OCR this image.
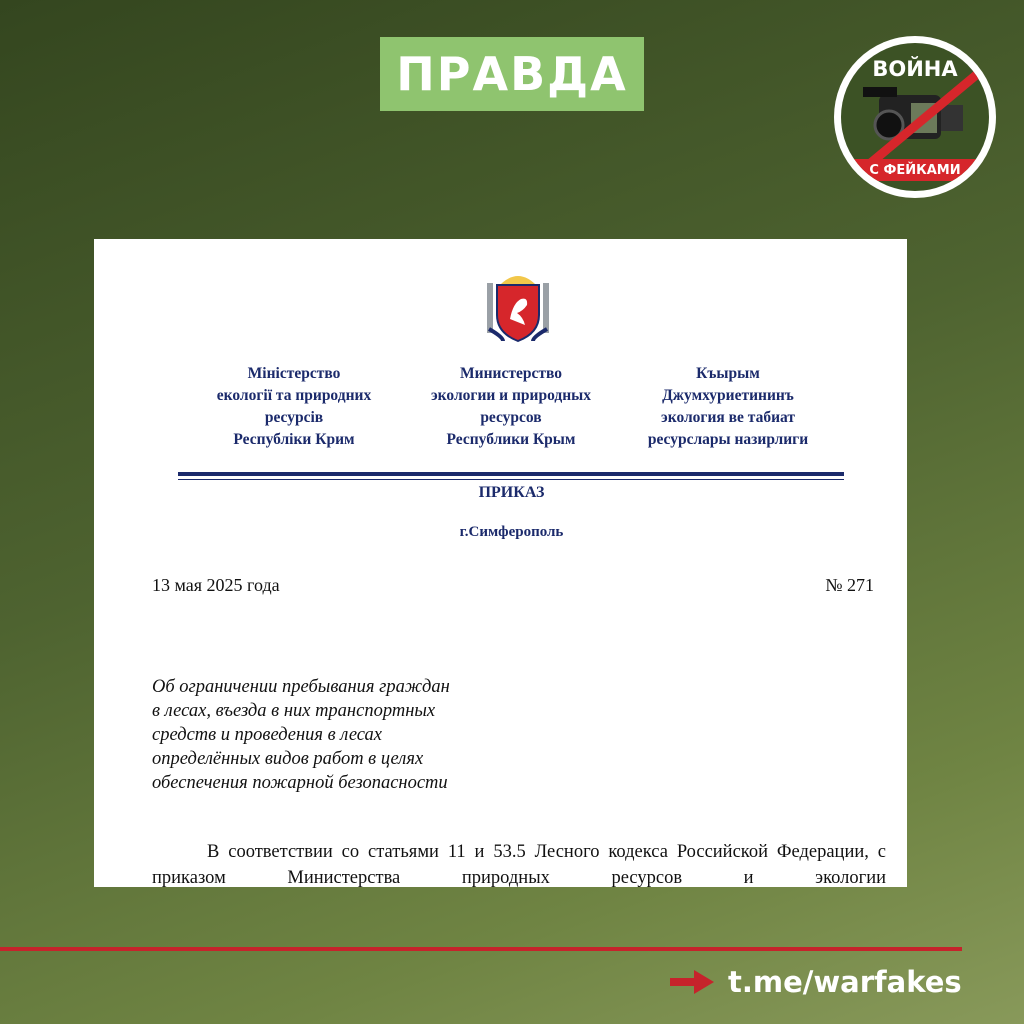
ПРАВДА	ВОЙНА
С ФЕЙКАМИ
Міністерство
екології та природних
ресурсів
Республіки Крим
Министерство
экологии и природных
ресурсов
Республики Крым
Къырым
Джумхуриетининъ
экология ве табиат
ресурслары назирлиги
ПРИКАЗ
г.Симферополь
13 мая 2025 года	№ 271
Об ограничении пребывания граждан
в лесах, въезда в них транспортных
средств и проведения в лесах
определённых видов работ в целях
обеспечения пожарной безопасности
В соответствии со статьями 11 и 53.5 Лесного кодекса Российской Федерации, с приказом Министерства природных ресурсов и экологии
t.me/warfakes
